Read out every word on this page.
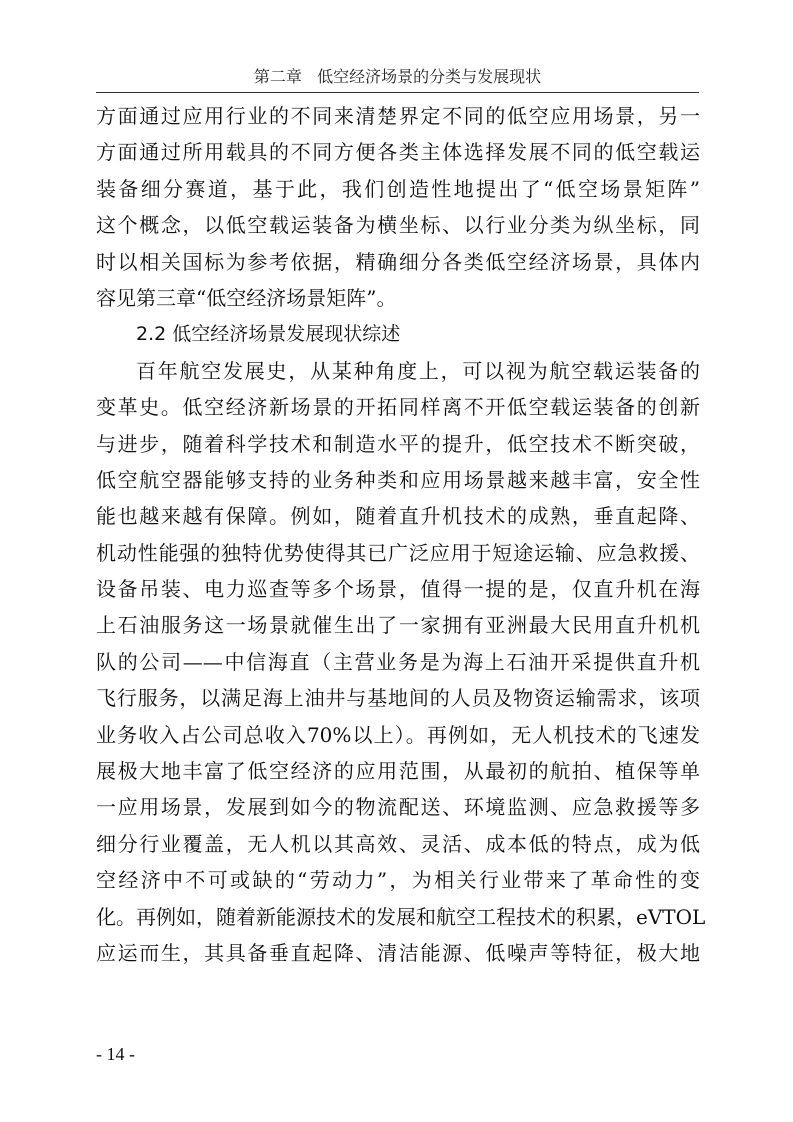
第二章 低空经济场景的分类与发展现状
方面通过应用行业的不同来清楚界定不同的低空应用场景，另一
方面通过所用载具的不同方便各类主体选择发展不同的低空载运
装备细分赛道，基于此，我们创造性地提出了“低空场景矩阵”
这个概念，以低空载运装备为横坐标、以行业分类为纵坐标，同
时以相关国标为参考依据，精确细分各类低空经济场景，具体内
容见第三章“低空经济场景矩阵”。
2.2 低空经济场景发展现状综述
百年航空发展史，从某种角度上，可以视为航空载运装备的
变革史。低空经济新场景的开拓同样离不开低空载运装备的创新
与进步，随着科学技术和制造水平的提升，低空技术不断突破，
低空航空器能够支持的业务种类和应用场景越来越丰富，安全性
能也越来越有保障。例如，随着直升机技术的成熟，垂直起降、
机动性能强的独特优势使得其已广泛应用于短途运输、应急救援、
设备吊装、电力巡查等多个场景，值得一提的是，仅直升机在海
上石油服务这一场景就催生出了一家拥有亚洲最大民用直升机机
队的公司——中信海直（主营业务是为海上石油开采提供直升机
飞行服务，以满足海上油井与基地间的人员及物资运输需求，该项
业务收入占公司总收入70%以上）。再例如，无人机技术的飞速发
展极大地丰富了低空经济的应用范围，从最初的航拍、植保等单
一应用场景，发展到如今的物流配送、环境监测、应急救援等多
细分行业覆盖，无人机以其高效、灵活、成本低的特点，成为低
空经济中不可或缺的“劳动力”，为相关行业带来了革命性的变
化。再例如，随着新能源技术的发展和航空工程技术的积累，eVTOL
应运而生，其具备垂直起降、清洁能源、低噪声等特征，极大地
- 14 -
